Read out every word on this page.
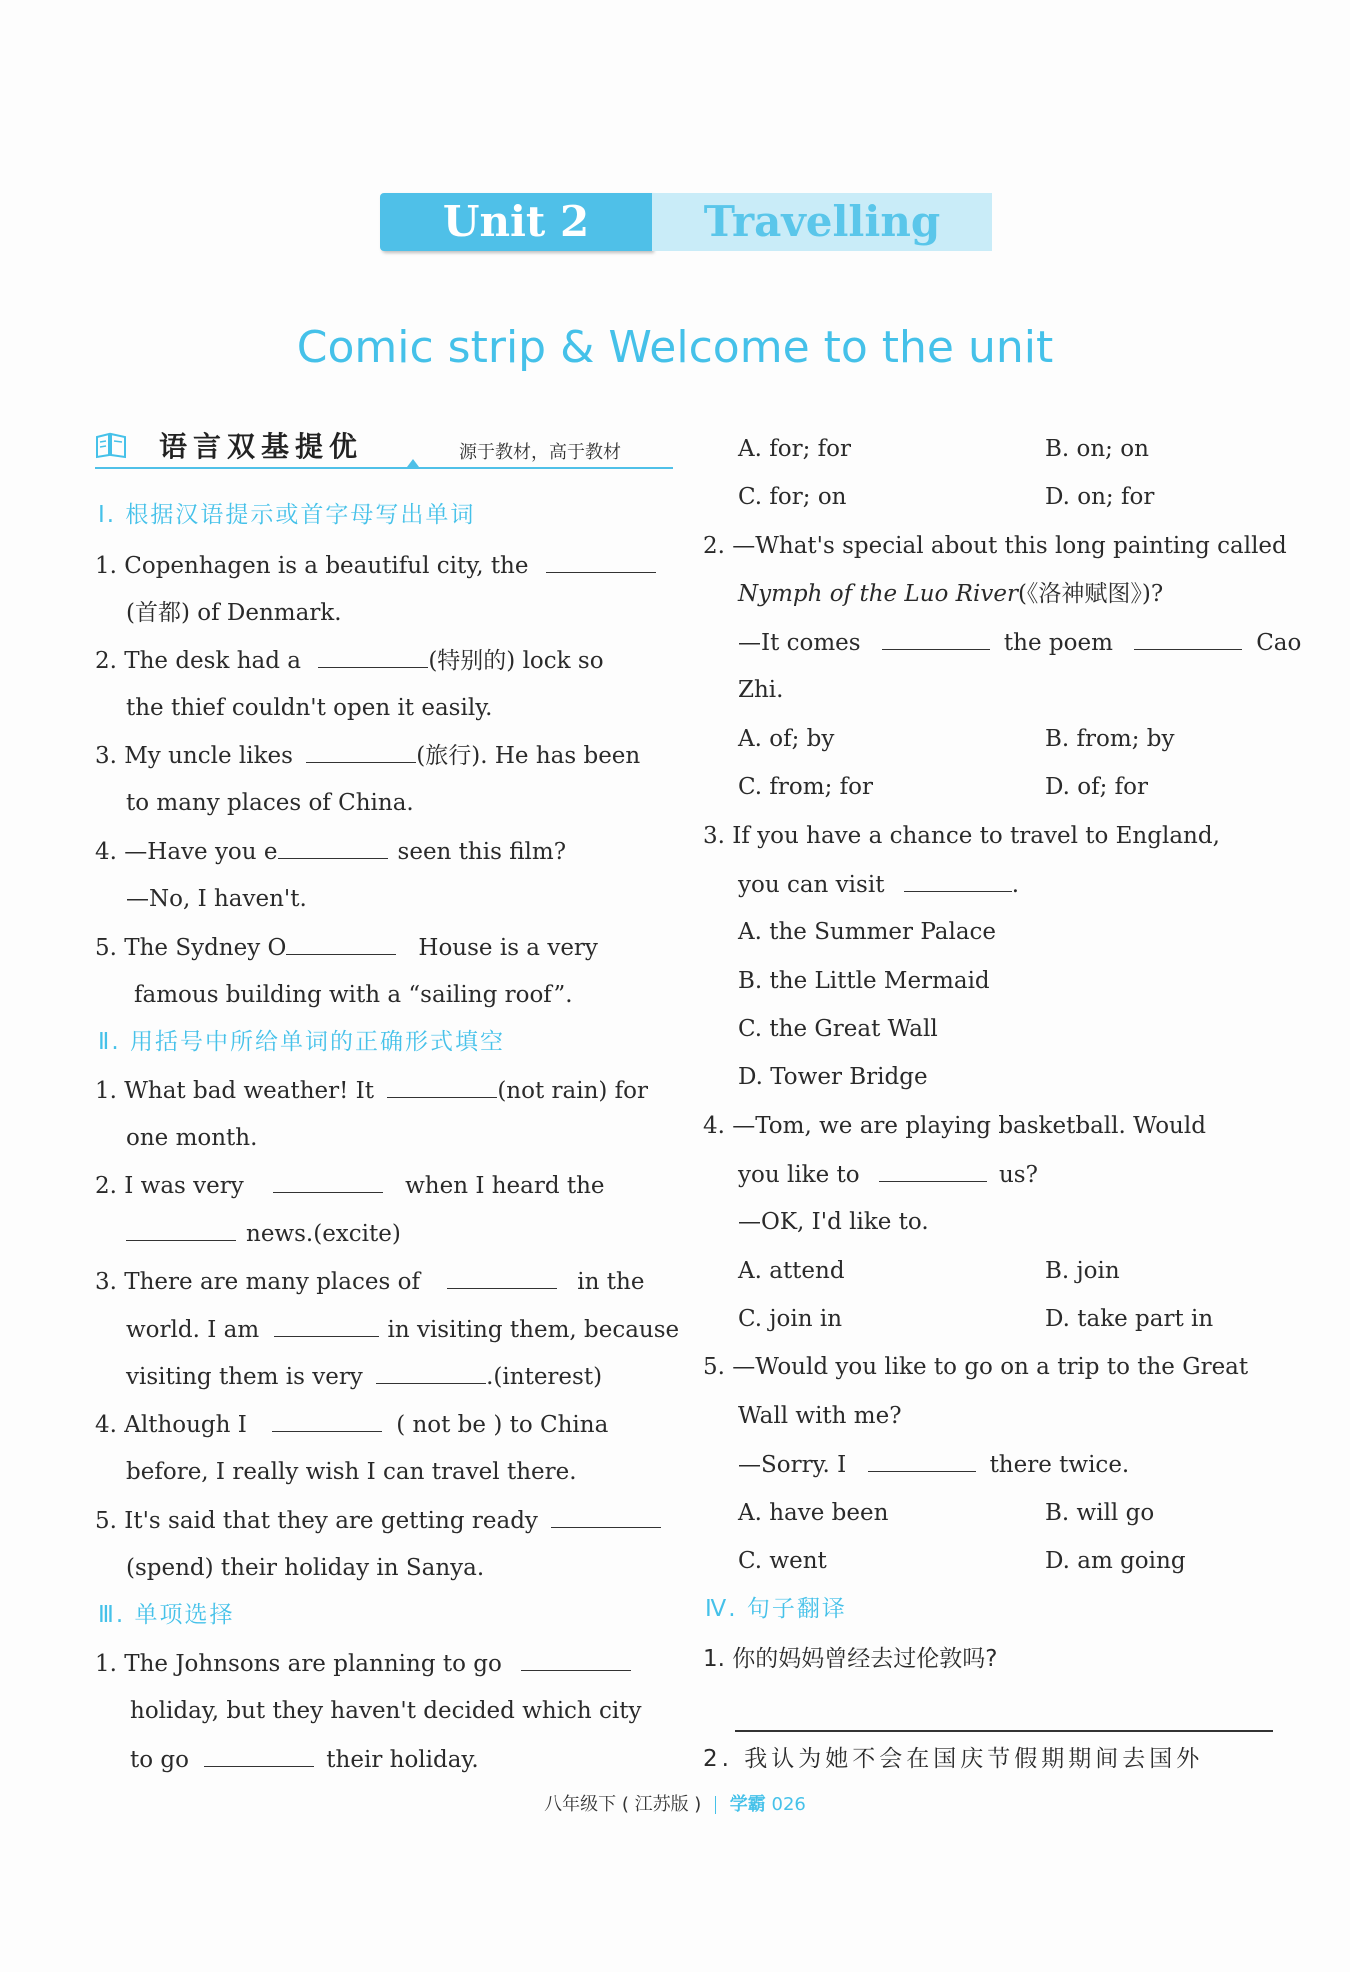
Unit 2	Travelling
Comic strip & Welcome to the unit
语言双基提优	源于教材，高于教材
Ⅰ. 根据汉语提示或首字母写出单词
1. Copenhagen is a beautiful city, the
(首都) of Denmark.
2. The desk had a	(特别的) lock so
the thief couldn't open it easily.
3. My uncle likes	(旅行). He has been
to many places of China.
4. —Have you e	seen this film?
—No, I haven't.
5. The Sydney O	House is a very
famous building with a “sailing roof”.
Ⅱ. 用括号中所给单词的正确形式填空
1. What bad weather! It	(not rain) for
one month.
2. I was very	when I heard the
news.(excite)
3. There are many places of	in the
world. I am	in visiting them, because
visiting them is very	.(interest)
4. Although I	( not be ) to China
before, I really wish I can travel there.
5. It's said that they are getting ready
(spend) their holiday in Sanya.
Ⅲ. 单项选择
1. The Johnsons are planning to go
holiday, but they haven't decided which city
to go	their holiday.
A. for; for	B. on; on
C. for; on	D. on; for
2. —What's special about this long painting called
Nymph of the Luo River(《洛神赋图》)?
—It comes	the poem	Cao
Zhi.
A. of; by	B. from; by
C. from; for	D. of; for
3. If you have a chance to travel to England,
you can visit	.
A. the Summer Palace
B. the Little Mermaid
C. the Great Wall
D. Tower Bridge
4. —Tom, we are playing basketball. Would
you like to	us?
—OK, I'd like to.
A. attend	B. join
C. join in	D. take part in
5. —Would you like to go on a trip to the Great
Wall with me?
—Sorry. I	there twice.
A. have been	B. will go
C. went	D. am going
Ⅳ. 句子翻译
1. 你的妈妈曾经去过伦敦吗?
2. 我认为她不会在国庆节假期期间去国外
八年级下 ( 江苏版 ) 学霸 026
